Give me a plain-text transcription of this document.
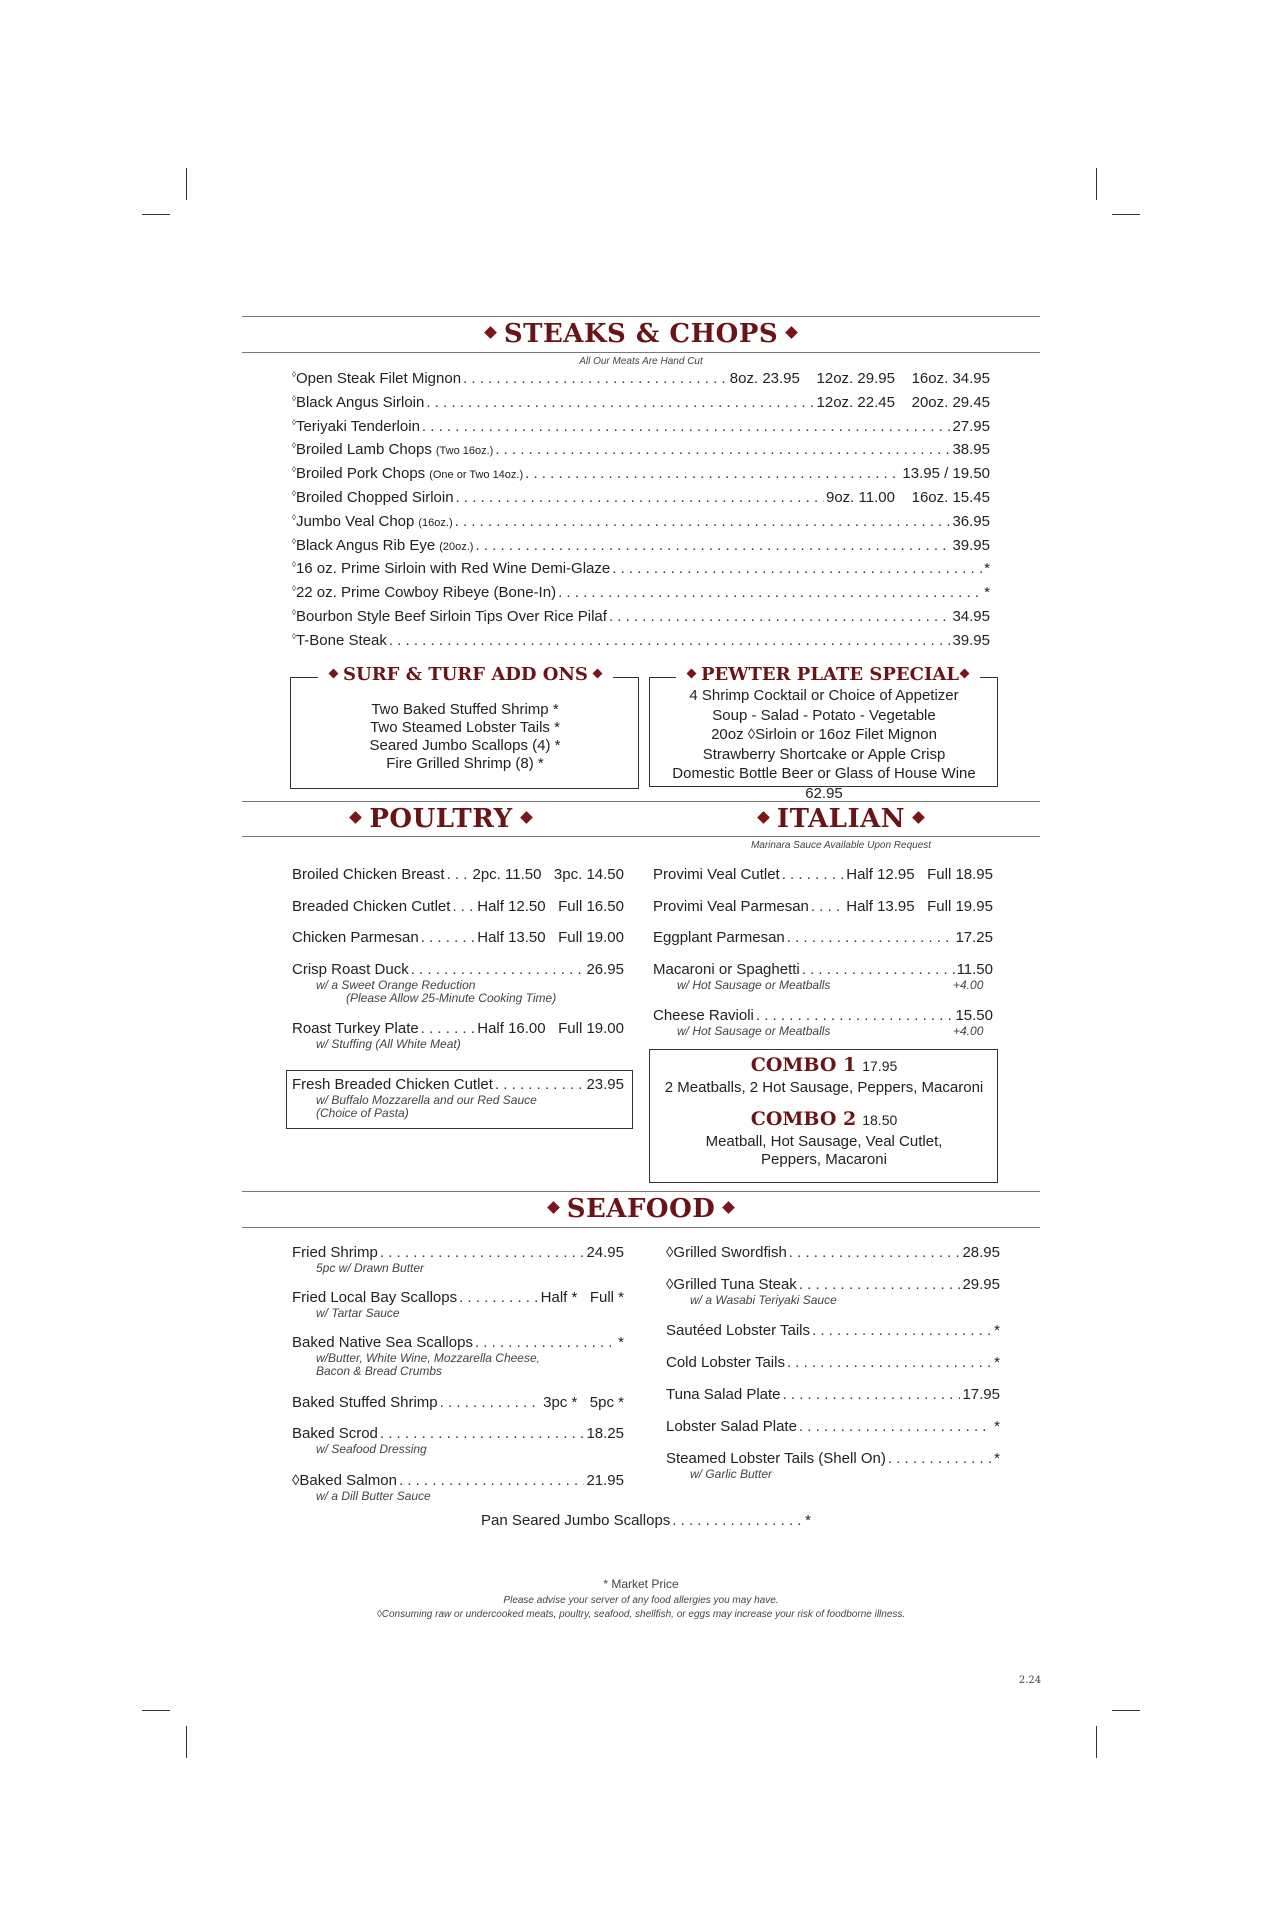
STEAKS & CHOPS
All Our Meats Are Hand Cut
◊Open Steak Filet Mignon . . .	8oz. 23.95    12oz. 29.95    16oz. 34.95
◊Black Angus Sirloin . . .	12oz. 22.45    20oz. 29.45
◊Teriyaki Tenderloin . . .	27.95
◊Broiled Lamb Chops (Two 16oz.) . . .	38.95
◊Broiled Pork Chops (One or Two 14oz.) . . .	13.95 / 19.50
◊Broiled Chopped Sirloin . . .	9oz. 11.00    16oz. 15.45
◊Jumbo Veal Chop (16oz.) . . .	36.95
◊Black Angus Rib Eye (20oz.) . . .	39.95
◊16 oz. Prime Sirloin with Red Wine Demi-Glaze . . .	*
◊22 oz. Prime Cowboy Ribeye (Bone-In) . . .	*
◊Bourbon Style Beef Sirloin Tips Over Rice Pilaf . . .	34.95
◊T-Bone Steak . . .	39.95
SURF & TURF ADD ONS
Two Baked Stuffed Shrimp *
Two Steamed Lobster Tails *
Seared Jumbo Scallops (4) *
Fire Grilled Shrimp (8) *
PEWTER PLATE SPECIAL
4 Shrimp Cocktail or Choice of Appetizer
Soup - Salad - Potato - Vegetable
20oz ◊Sirloin or 16oz Filet Mignon
Strawberry Shortcake or Apple Crisp
Domestic Bottle Beer or Glass of House Wine
62.95
POULTRY	ITALIAN
Marinara Sauce Available Upon Request
Broiled Chicken Breast . . . 2pc. 11.50   3pc. 14.50
Breaded Chicken Cutlet . . . Half 12.50   Full 16.50
Chicken Parmesan . . .	Half 13.50   Full 19.00
Crisp Roast Duck . . .	26.95
w/ a Sweet Orange Reduction
(Please Allow 25-Minute Cooking Time)
Roast Turkey Plate . . .	Half 16.00   Full 19.00
w/ Stuffing (All White Meat)
Provimi Veal Cutlet . . .	Half 12.95   Full 18.95
Provimi Veal Parmesan . . . Half 13.95   Full 19.95
Eggplant Parmesan . . .	17.25
Macaroni or Spaghetti . . .	11.50
w/ Hot Sausage or Meatballs	+4.00
Cheese Ravioli . . .	15.50
w/ Hot Sausage or Meatballs	+4.00
Fresh Breaded Chicken Cutlet . . .	23.95
w/ Buffalo Mozzarella and our Red Sauce
(Choice of Pasta)
COMBO 1 17.95
2 Meatballs, 2 Hot Sausage, Peppers, Macaroni
COMBO 2 18.50
Meatball, Hot Sausage, Veal Cutlet,
Peppers, Macaroni
SEAFOOD
Fried Shrimp . . .	24.95
5pc w/ Drawn Butter
Fried Local Bay Scallops . . .	Half *   Full *
w/ Tartar Sauce
Baked Native Sea Scallops . . .	*
w/Butter, White Wine, Mozzarella Cheese,
Bacon & Bread Crumbs
Baked Stuffed Shrimp . . .	3pc *   5pc *
Baked Scrod . . .	18.25
w/ Seafood Dressing
◊Baked Salmon . . .	21.95
w/ a Dill Butter Sauce
◊Grilled Swordfish . . .	28.95
◊Grilled Tuna Steak . . .	29.95
w/ a Wasabi Teriyaki Sauce
Sautéed Lobster Tails . . .	*
Cold Lobster Tails . . .	*
Tuna Salad Plate . . .	17.95
Lobster Salad Plate . . .	*
Steamed Lobster Tails (Shell On) . . .	*
w/ Garlic Butter
Pan Seared Jumbo Scallops . . .	*
* Market Price
Please advise your server of any food allergies you may have.
◊Consuming raw or undercooked meats, poultry, seafood, shellfish, or eggs may increase your risk of foodborne illness.
2.24
